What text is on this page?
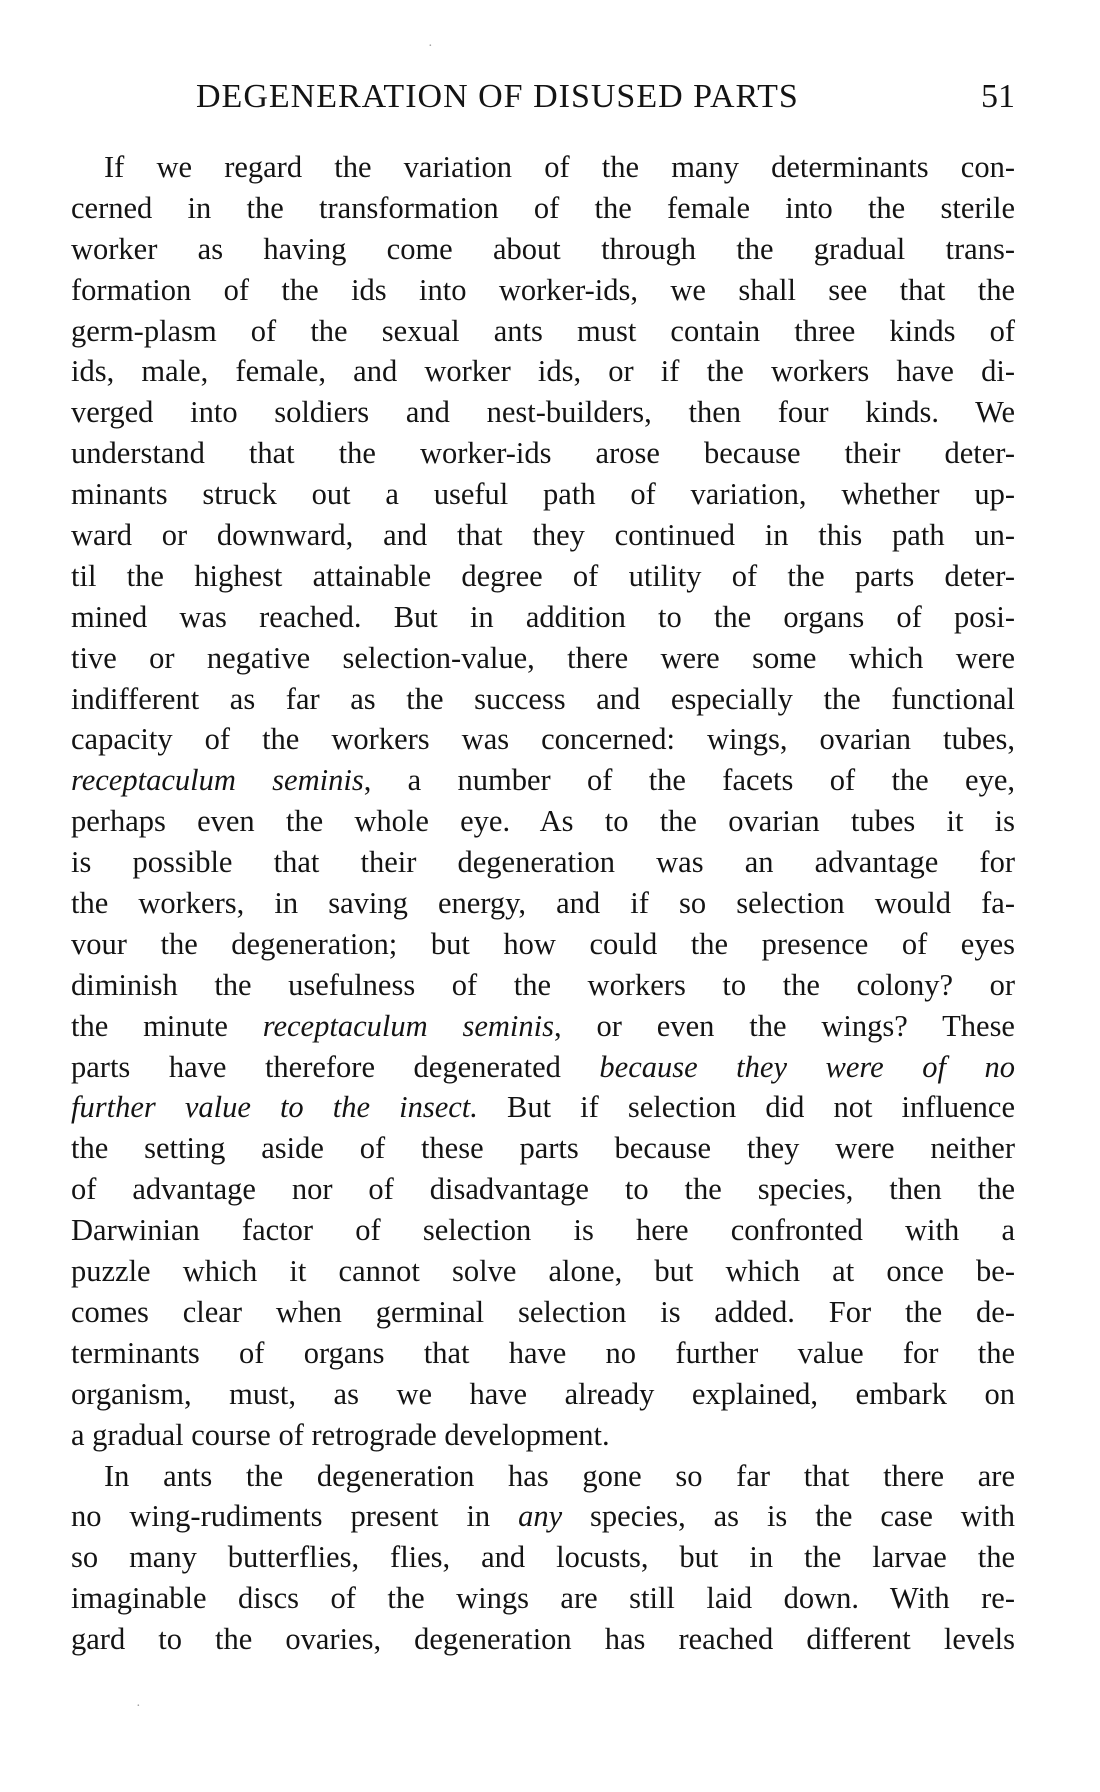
·
DEGENERATION OF DISUSED PARTS	51
If we regard the variation of the many determinants con-
cerned in the transformation of the female into the sterile
worker as having come about through the gradual trans-
formation of the ids into worker-ids, we shall see that the
germ-plasm of the sexual ants must contain three kinds of
ids, male, female, and worker ids, or if the workers have di-
verged into soldiers and nest-builders, then four kinds. We
understand that the worker-ids arose because their deter-
minants struck out a useful path of variation, whether up-
ward or downward, and that they continued in this path un-
til the highest attainable degree of utility of the parts deter-
mined was reached. But in addition to the organs of posi-
tive or negative selection-value, there were some which were
indifferent as far as the success and especially the functional
capacity of the workers was concerned: wings, ovarian tubes,
receptaculum seminis, a number of the facets of the eye,
perhaps even the whole eye. As to the ovarian tubes it is
is possible that their degeneration was an advantage for
the workers, in saving energy, and if so selection would fa-
vour the degeneration; but how could the presence of eyes
diminish the usefulness of the workers to the colony? or
the minute receptaculum seminis, or even the wings? These
parts have therefore degenerated because they were of no
further value to the insect. But if selection did not influence
the setting aside of these parts because they were neither
of advantage nor of disadvantage to the species, then the
Darwinian factor of selection is here confronted with a
puzzle which it cannot solve alone, but which at once be-
comes clear when germinal selection is added. For the de-
terminants of organs that have no further value for the
organism, must, as we have already explained, embark on
a gradual course of retrograde development.
In ants the degeneration has gone so far that there are
no wing-rudiments present in any species, as is the case with
so many butterflies, flies, and locusts, but in the larvae the
imaginable discs of the wings are still laid down. With re-
gard to the ovaries, degeneration has reached different levels
·
